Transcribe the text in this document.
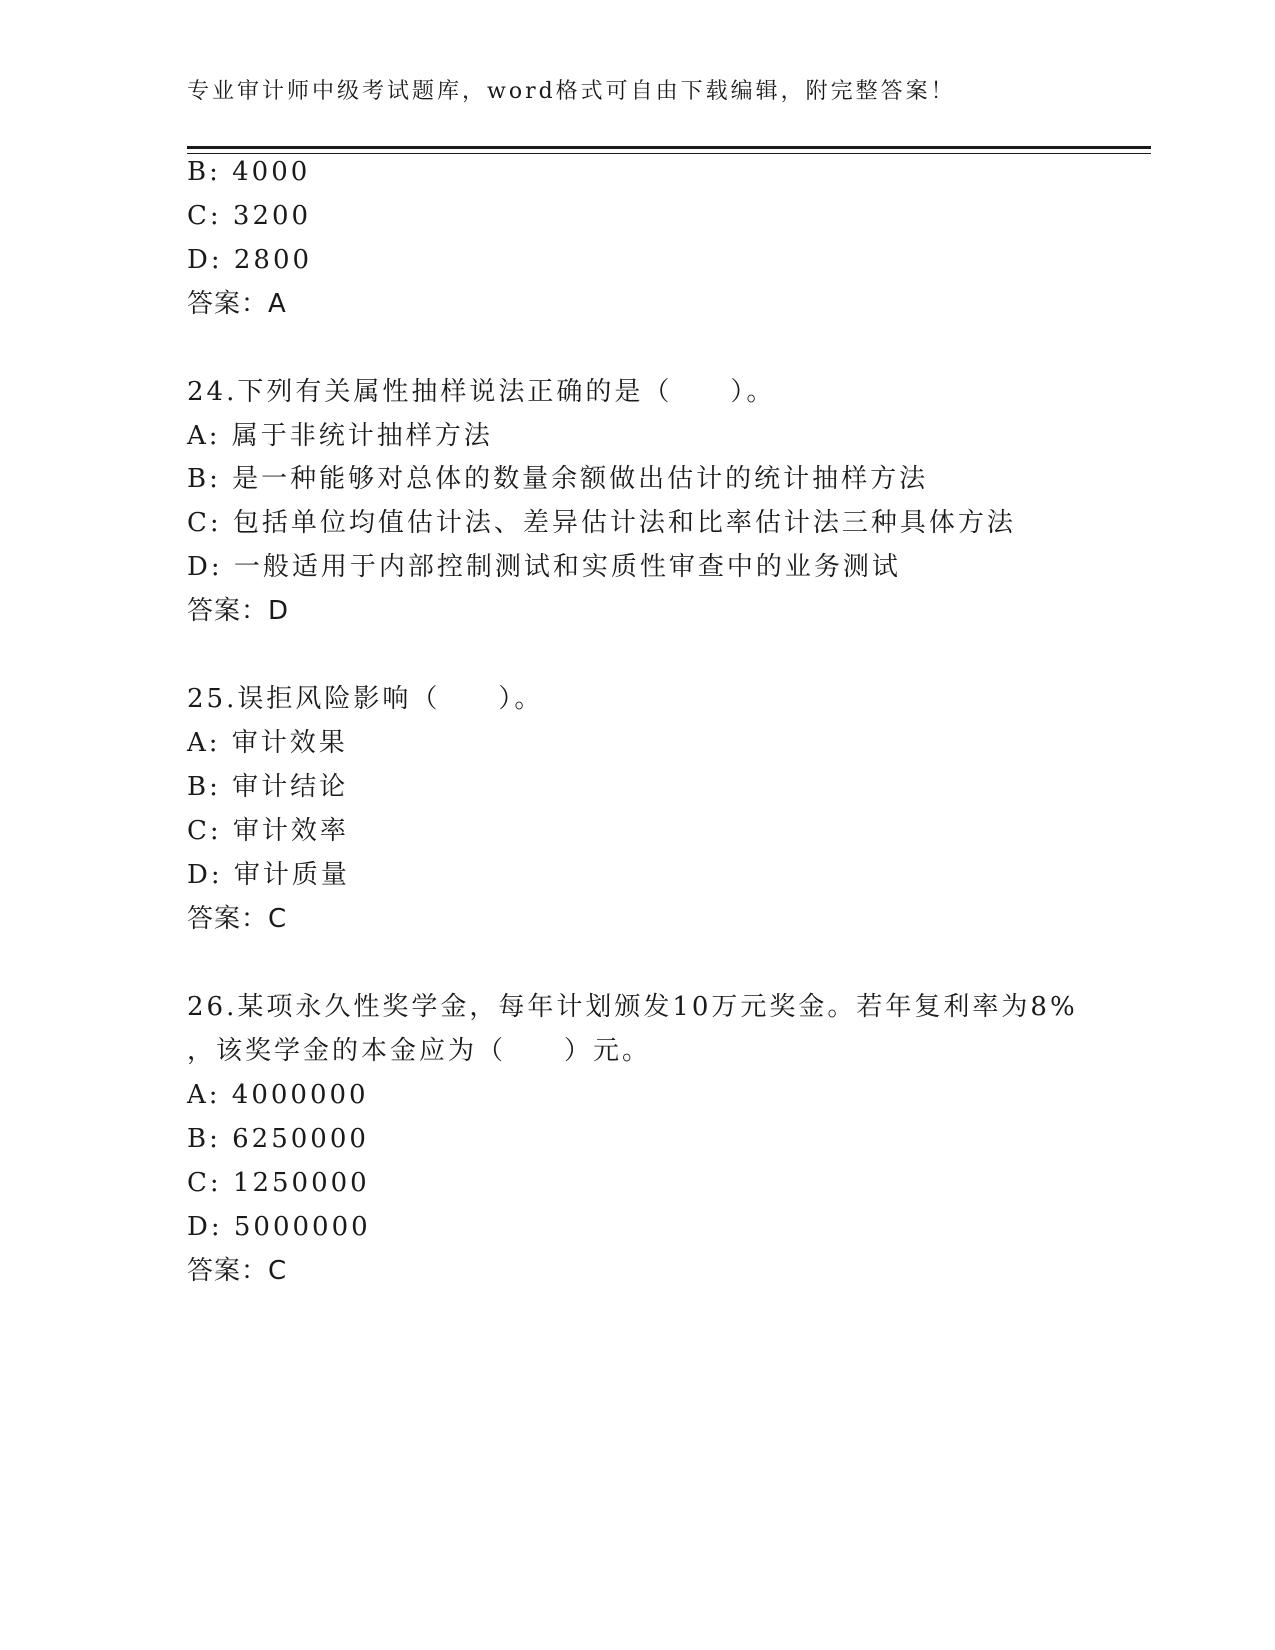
专业审计师中级考试题库，word格式可自由下载编辑，附完整答案！
B: 4000
C: 3200
D: 2800
答案：A
24.下列有关属性抽样说法正确的是（　　）。
A: 属于非统计抽样方法
B: 是一种能够对总体的数量余额做出估计的统计抽样方法
C: 包括单位均值估计法、差异估计法和比率估计法三种具体方法
D: 一般适用于内部控制测试和实质性审查中的业务测试
答案：D
25.误拒风险影响（　　）。
A: 审计效果
B: 审计结论
C: 审计效率
D: 审计质量
答案：C
26.某项永久性奖学金，每年计划颁发10万元奖金。若年复利率为8%
，该奖学金的本金应为（　　）元。
A: 4000000
B: 6250000
C: 1250000
D: 5000000
答案：C
